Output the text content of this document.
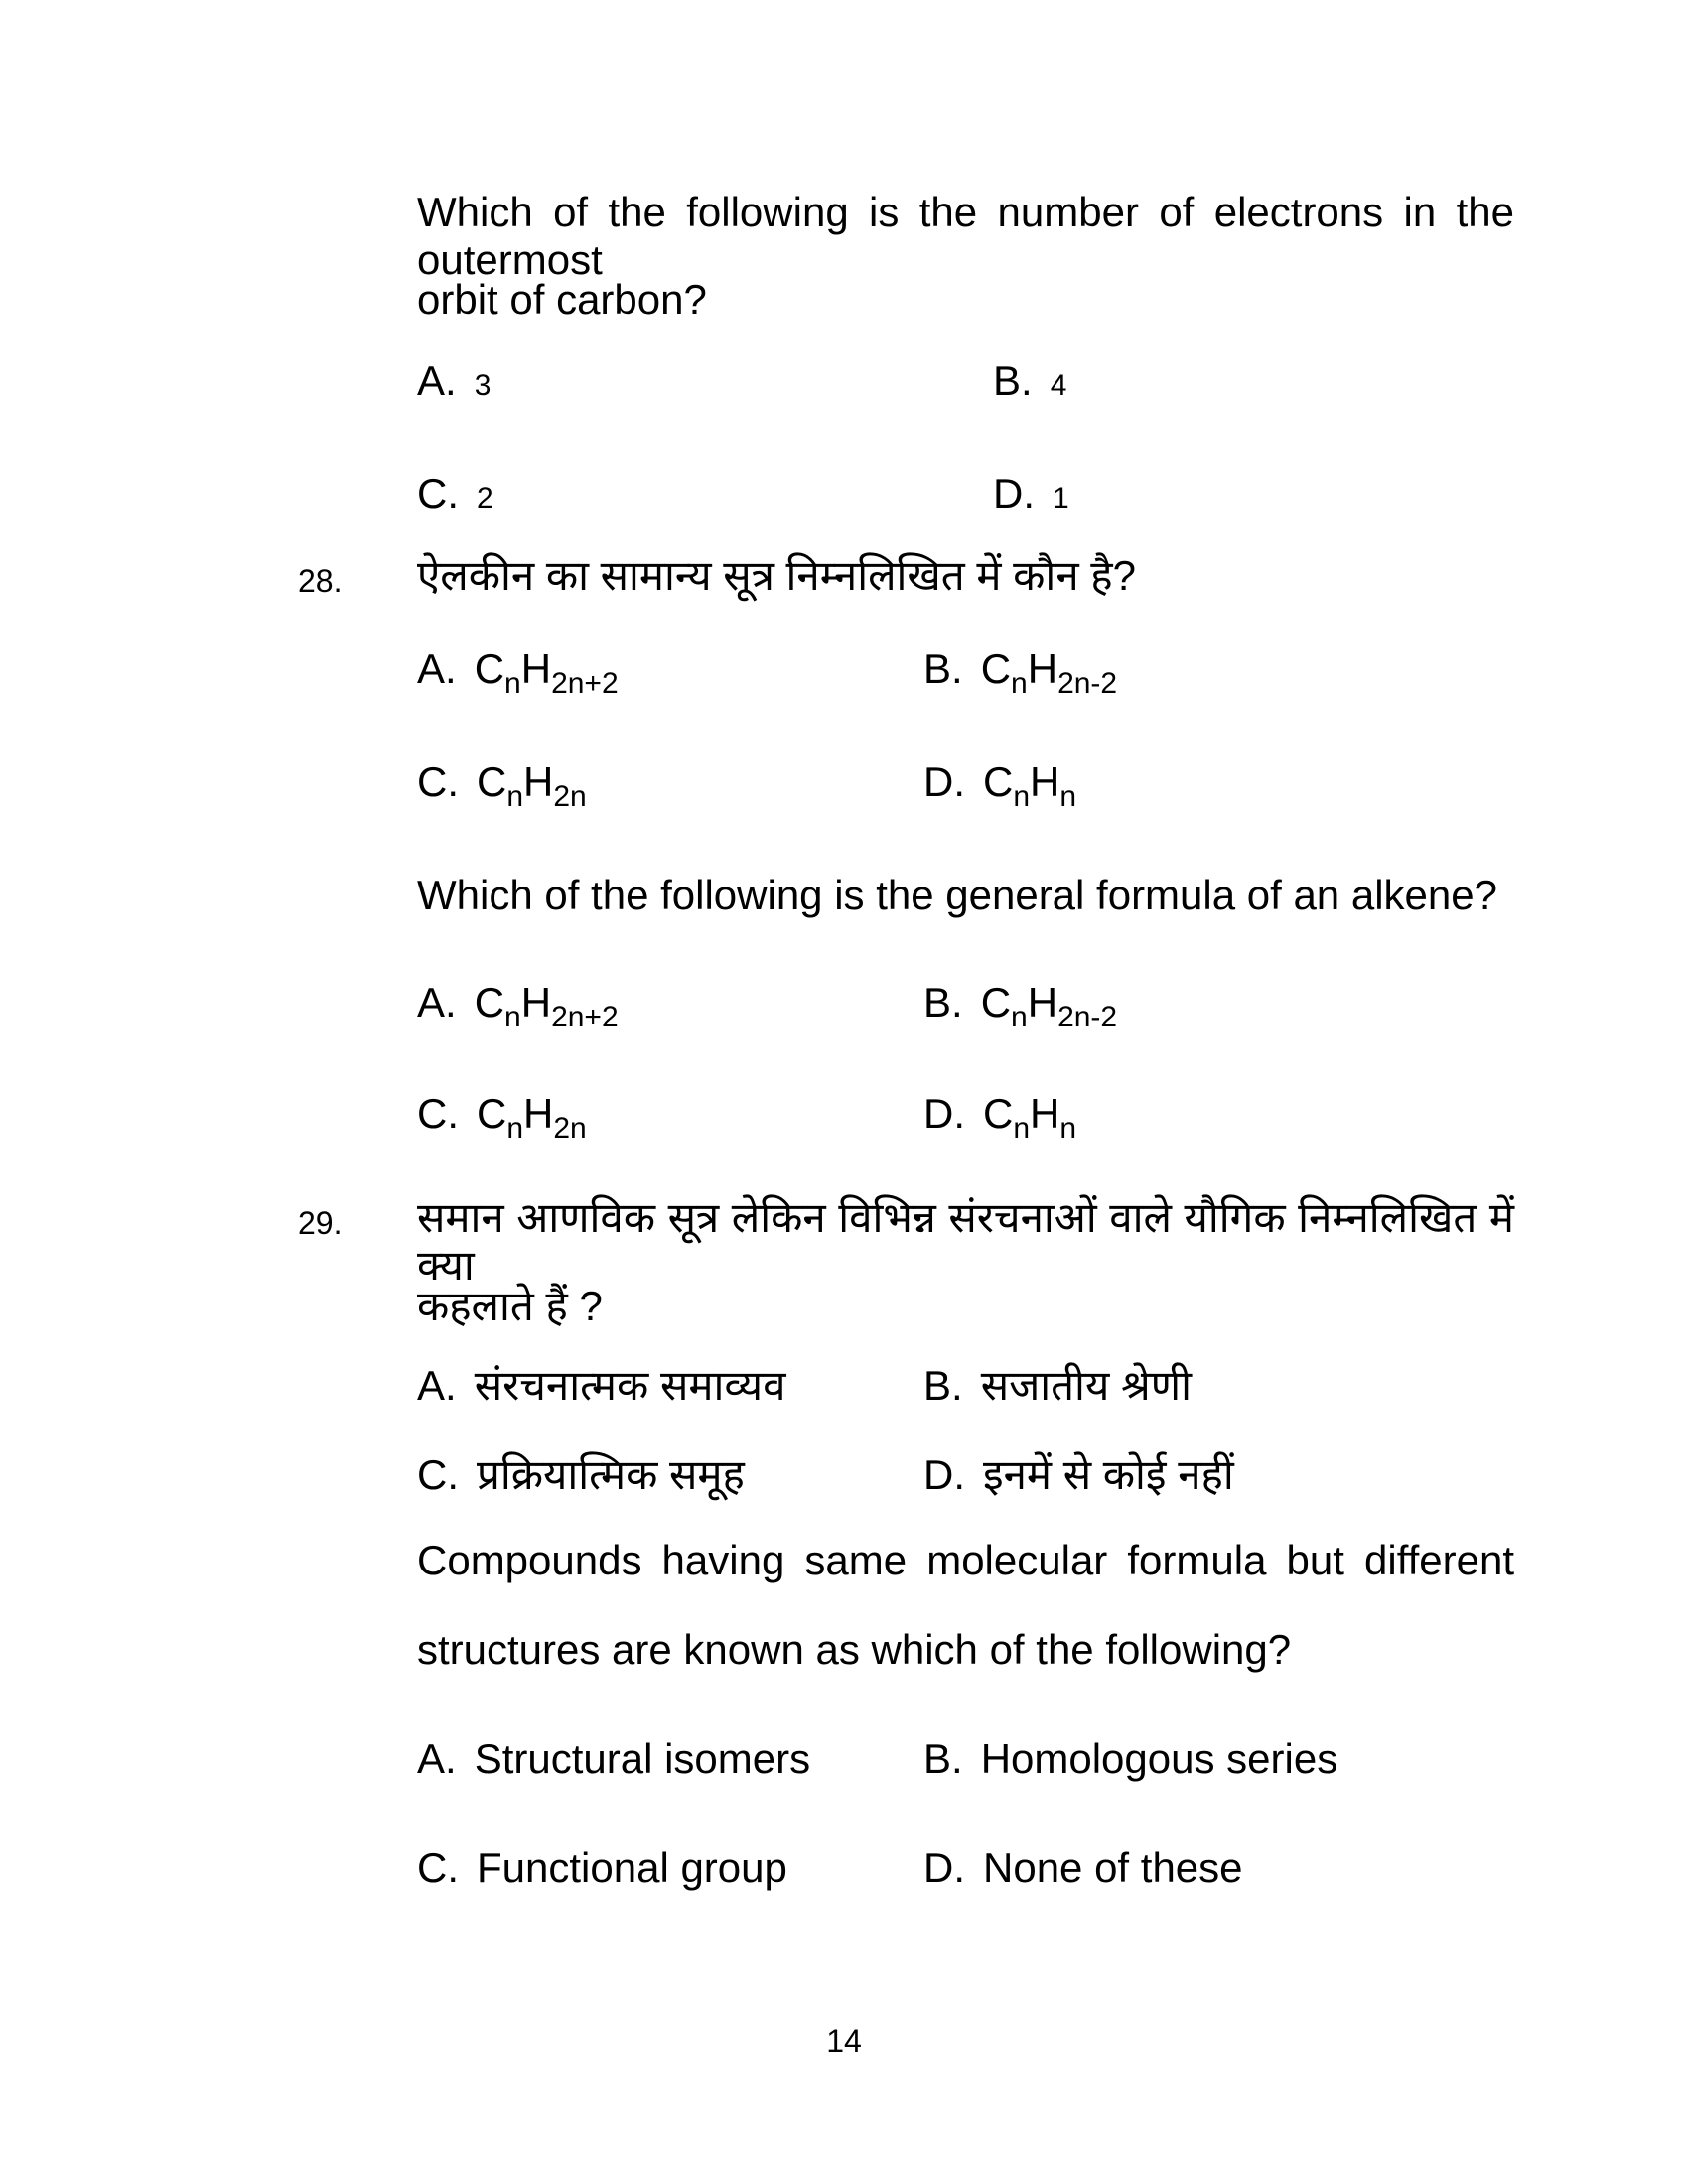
Which of the following is the number of electrons in the outermost
orbit of carbon?
A. 3	B. 4
C. 2	D. 1
28.	ऐलकीन का सामान्य सूत्र निम्नलिखित में कौन है?
A. $C_nH_{2n+2}$	B. $C_nH_{2n-2}$
C. $C_nH_{2n}$	D. $C_nH_n$
Which of the following is the general formula of an alkene?
A. $C_nH_{2n+2}$	B. $C_nH_{2n-2}$
C. $C_nH_{2n}$	D. $C_nH_n$
29.	समान आणविक सूत्र लेकिन विभिन्न संरचनाओं वाले यौगिक निम्नलिखित में क्या
कहलाते हैं ?
A. संरचनात्मक समाव्यव	B. सजातीय श्रेणी
C. प्रक्रियात्मिक समूह	D. इनमें से कोई नहीं
Compounds having same molecular formula but different
structures are known as which of the following?
A. Structural isomers	B. Homologous series
C. Functional group	D. None of these
14
